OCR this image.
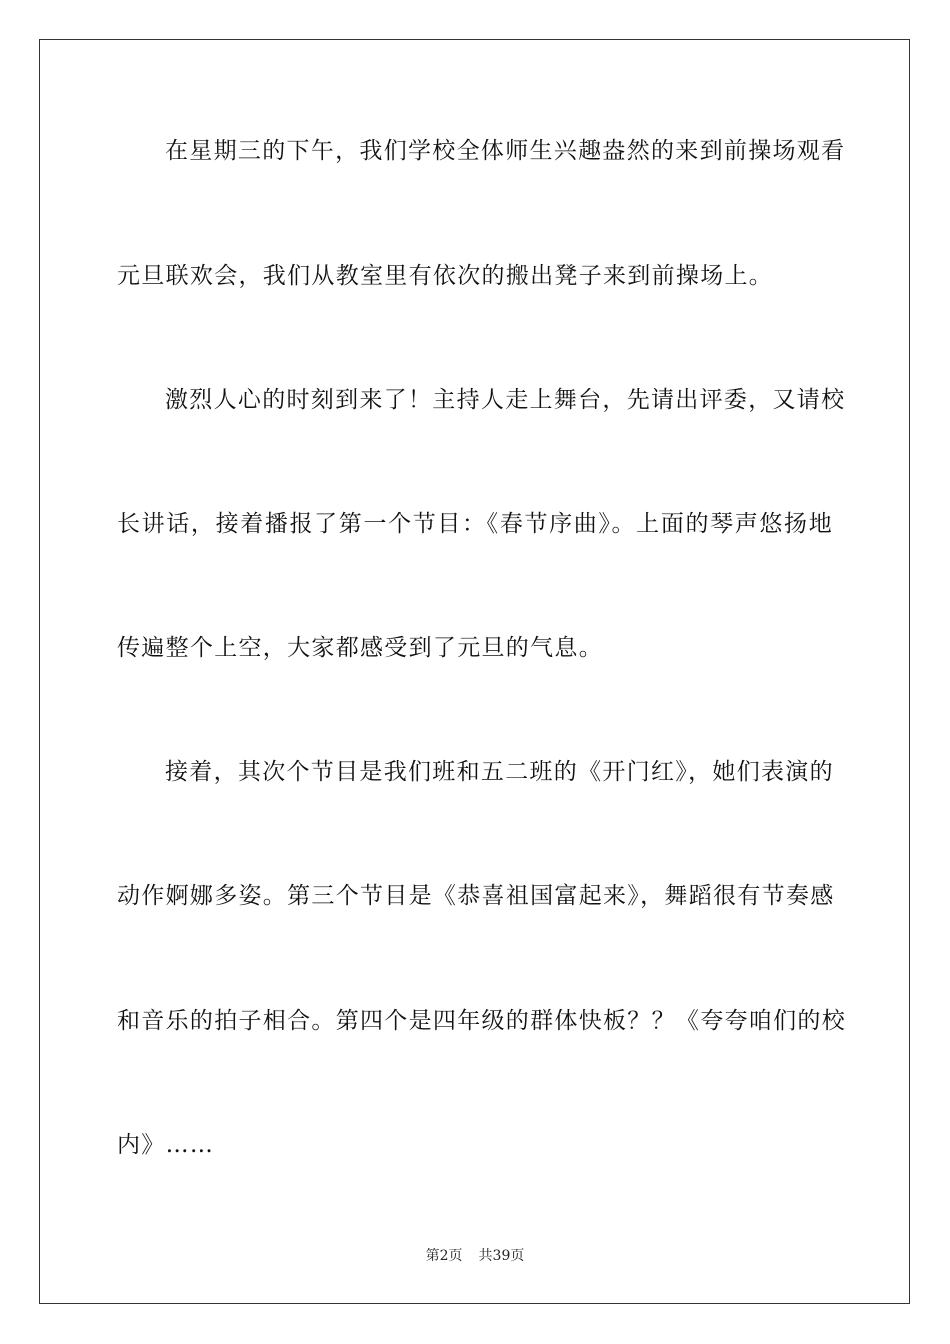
在星期三的下午，我们学校全体师生兴趣盎然的来到前操场观看
元旦联欢会，我们从教室里有依次的搬出凳子来到前操场上。
激烈人心的时刻到来了！主持人走上舞台，先请出评委，又请校
长讲话，接着播报了第一个节目：《春节序曲》。上面的琴声悠扬地
传遍整个上空，大家都感受到了元旦的气息。
接着，其次个节目是我们班和五二班的《开门红》，她们表演的
动作婀娜多姿。第三个节目是《恭喜祖国富起来》，舞蹈很有节奏感
和音乐的拍子相合。第四个是四年级的群体快板？？《夸夸咱们的校
内》……
第2页 共39页
